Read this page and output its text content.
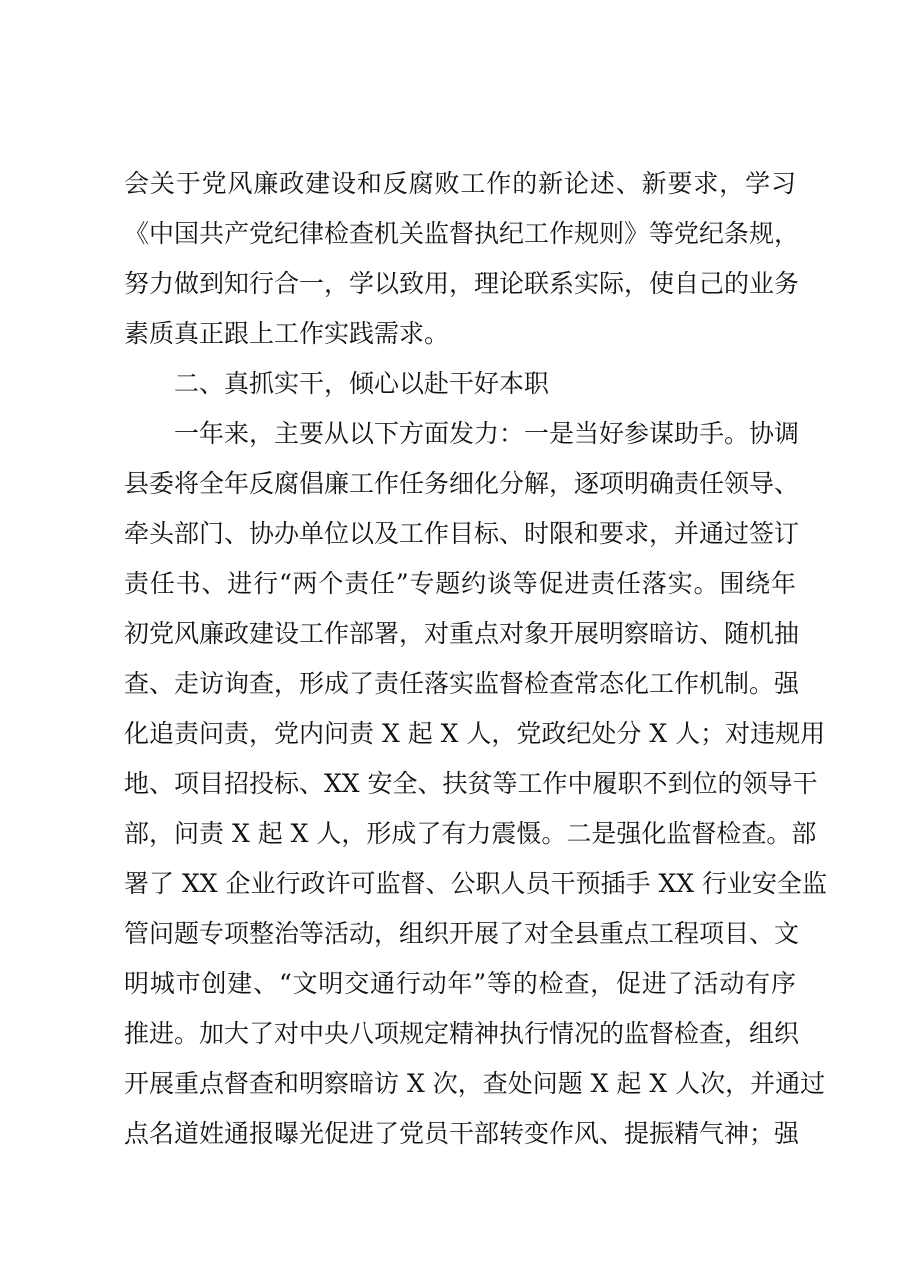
会关于党风廉政建设和反腐败工作的新论述、新要求，学习
《中国共产党纪律检查机关监督执纪工作规则》等党纪条规，
努力做到知行合一，学以致用，理论联系实际，使自己的业务
素质真正跟上工作实践需求。
二、真抓实干，倾心以赴干好本职
一年来，主要从以下方面发力：一是当好参谋助手。协调
县委将全年反腐倡廉工作任务细化分解，逐项明确责任领导、
牵头部门、协办单位以及工作目标、时限和要求，并通过签订
责任书、进行“两个责任”专题约谈等促进责任落实。围绕年
初党风廉政建设工作部署，对重点对象开展明察暗访、随机抽
查、走访询查，形成了责任落实监督检查常态化工作机制。强
化追责问责，党内问责 X 起 X 人，党政纪处分 X 人；对违规用
地、项目招投标、XX 安全、扶贫等工作中履职不到位的领导干
部，问责 X 起 X 人，形成了有力震慑。二是强化监督检查。部
署了 XX 企业行政许可监督、公职人员干预插手 XX 行业安全监
管问题专项整治等活动，组织开展了对全县重点工程项目、文
明城市创建、“文明交通行动年”等的检查，促进了活动有序
推进。加大了对中央八项规定精神执行情况的监督检查，组织
开展重点督查和明察暗访 X 次，查处问题 X 起 X 人次，并通过
点名道姓通报曝光促进了党员干部转变作风、提振精气神；强
